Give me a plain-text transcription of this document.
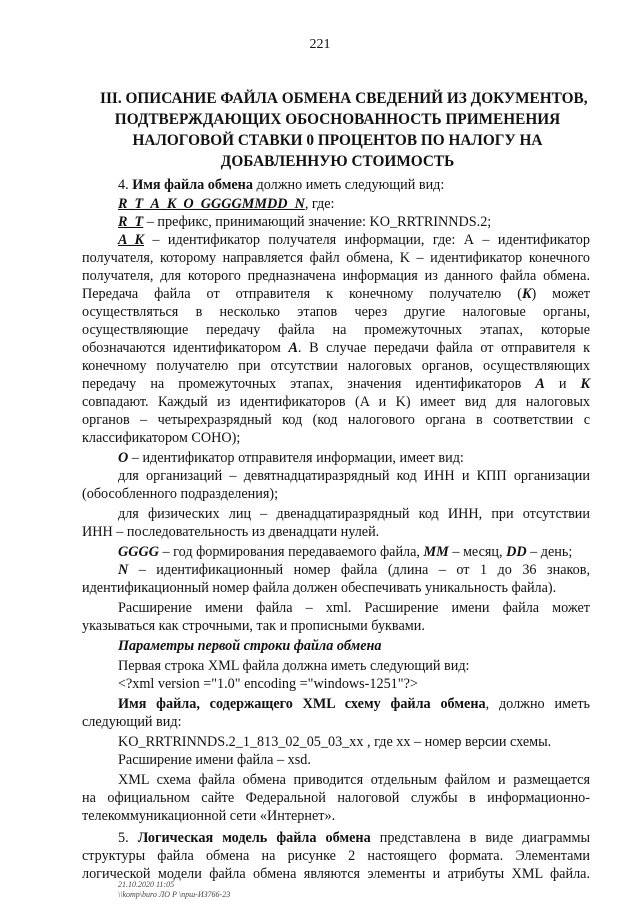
221
III. ОПИСАНИЕ ФАЙЛА ОБМЕНА СВЕДЕНИЙ ИЗ ДОКУМЕНТОВ,
ПОДТВЕРЖДАЮЩИХ ОБОСНОВАННОСТЬ ПРИМЕНЕНИЯ
НАЛОГОВОЙ СТАВКИ 0 ПРОЦЕНТОВ ПО НАЛОГУ НА
ДОБАВЛЕННУЮ СТОИМОСТЬ
4. Имя файла обмена должно иметь следующий вид:
R_T_A_K_O_GGGGMMDD_N, где:
R_T – префикс, принимающий значение: KO_RRTRINNDS.2;
A_K – идентификатор получателя информации, где: А – идентификатор
получателя, которому направляется файл обмена, K – идентификатор конечного
получателя, для которого предназначена информация из данного файла обмена.
Передача файла от отправителя к конечному получателю (K) может
осуществляться в несколько этапов через другие налоговые органы,
осуществляющие передачу файла на промежуточных этапах, которые
обозначаются идентификатором A. В случае передачи файла от отправителя к
конечному получателю при отсутствии налоговых органов, осуществляющих
передачу на промежуточных этапах, значения идентификаторов A и K
совпадают. Каждый из идентификаторов (A и K) имеет вид для налоговых
органов – четырехразрядный код (код налогового органа в соответствии с
классификатором СОНО);
O – идентификатор отправителя информации, имеет вид:
для организаций – девятнадцатиразрядный код ИНН и КПП организации
(обособленного подразделения);
для физических лиц – двенадцатиразрядный код ИНН, при отсутствии
ИНН – последовательность из двенадцати нулей.
GGGG – год формирования передаваемого файла, MM – месяц, DD – день;
N – идентификационный номер файла (длина – от 1 до 36 знаков,
идентификационный номер файла должен обеспечивать уникальность файла).
Расширение имени файла – xml. Расширение имени файла может
указываться как строчными, так и прописными буквами.
Параметры первой строки файла обмена
Первая строка XML файла должна иметь следующий вид:
<?xml version ="1.0" encoding ="windows-1251"?>
Имя файла, содержащего XML схему файла обмена, должно иметь
следующий вид:
KO_RRTRINNDS.2_1_813_02_05_03_xx , где xx – номер версии схемы.
Расширение имени файла – xsd.
XML схема файла обмена приводится отдельным файлом и размещается
на официальном сайте Федеральной налоговой службы в информационно-
телекоммуникационной сети «Интернет».
5. Логическая модель файла обмена представлена в виде диаграммы
структуры файла обмена на рисунке 2 настоящего формата. Элементами
логической модели файла обмена являются элементы и атрибуты XML файла.
21.10.2020 11:05
\\komp\buro ЛО Р \прш-ИЗ766-23
